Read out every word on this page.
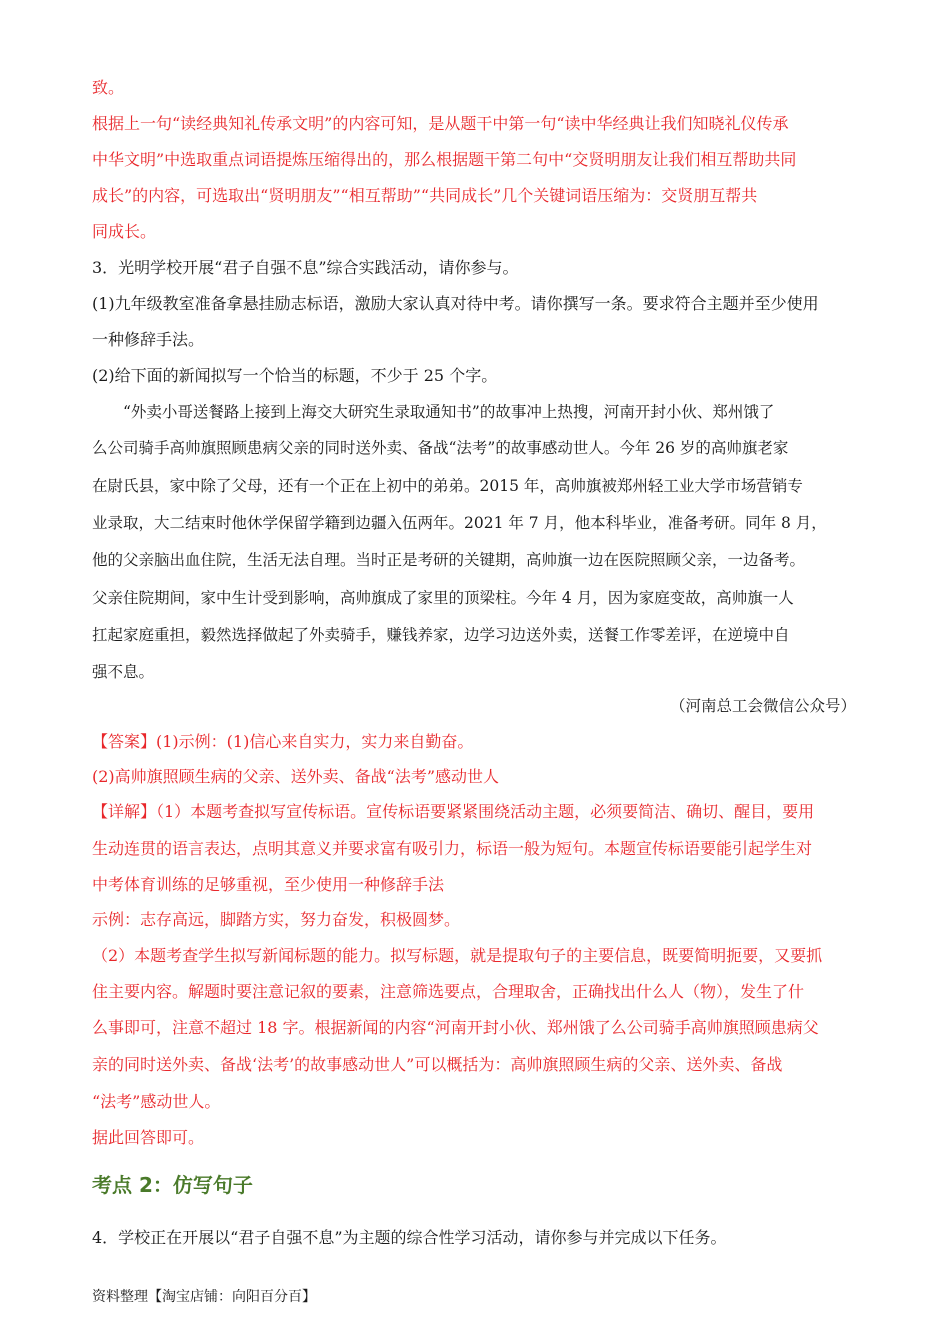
致。
根据上一句“读经典知礼传承文明”的内容可知，是从题干中第一句“读中华经典让我们知晓礼仪传承
中华文明”中选取重点词语提炼压缩得出的，那么根据题干第二句中“交贤明朋友让我们相互帮助共同
成长”的内容，可选取出“贤明朋友”“相互帮助”“共同成长”几个关键词语压缩为：交贤朋互帮共
同成长。
3．光明学校开展“君子自强不息”综合实践活动，请你参与。
(1)九年级教室准备拿悬挂励志标语，激励大家认真对待中考。请你撰写一条。要求符合主题并至少使用
一种修辞手法。
(2)给下面的新闻拟写一个恰当的标题，不少于 25 个字。
　　“外卖小哥送餐路上接到上海交大研究生录取通知书”的故事冲上热搜，河南开封小伙、郑州饿了
么公司骑手高帅旗照顾患病父亲的同时送外卖、备战“法考”的故事感动世人。今年 26 岁的高帅旗老家
在尉氏县，家中除了父母，还有一个正在上初中的弟弟。2015 年，高帅旗被郑州轻工业大学市场营销专
业录取，大二结束时他休学保留学籍到边疆入伍两年。2021 年 7 月，他本科毕业，准备考研。同年 8 月，
他的父亲脑出血住院，生活无法自理。当时正是考研的关键期，高帅旗一边在医院照顾父亲，一边备考。
父亲住院期间，家中生计受到影响，高帅旗成了家里的顶梁柱。今年 4 月，因为家庭变故，高帅旗一人
扛起家庭重担，毅然选择做起了外卖骑手，赚钱养家，边学习边送外卖，送餐工作零差评，在逆境中自
强不息。
（河南总工会微信公众号）
【答案】(1)示例：(1)信心来自实力，实力来自勤奋。
(2)高帅旗照顾生病的父亲、送外卖、备战“法考”感动世人
【详解】（1）本题考查拟写宣传标语。宣传标语要紧紧围绕活动主题，必须要简洁、确切、醒目，要用
生动连贯的语言表达，点明其意义并要求富有吸引力，标语一般为短句。本题宣传标语要能引起学生对
中考体育训练的足够重视，至少使用一种修辞手法
示例：志存高远，脚踏方实，努力奋发，积极圆梦。
（2）本题考查学生拟写新闻标题的能力。拟写标题，就是提取句子的主要信息，既要简明扼要，又要抓
住主要内容。解题时要注意记叙的要素，注意筛选要点，合理取舍，正确找出什么人（物），发生了什
么事即可，注意不超过 18 字。根据新闻的内容“河南开封小伙、郑州饿了么公司骑手高帅旗照顾患病父
亲的同时送外卖、备战‘法考’的故事感动世人”可以概括为：高帅旗照顾生病的父亲、送外卖、备战
“法考”感动世人。
据此回答即可。
考点 2：仿写句子
4．学校正在开展以“君子自强不息”为主题的综合性学习活动，请你参与并完成以下任务。
资料整理【淘宝店铺：向阳百分百】
